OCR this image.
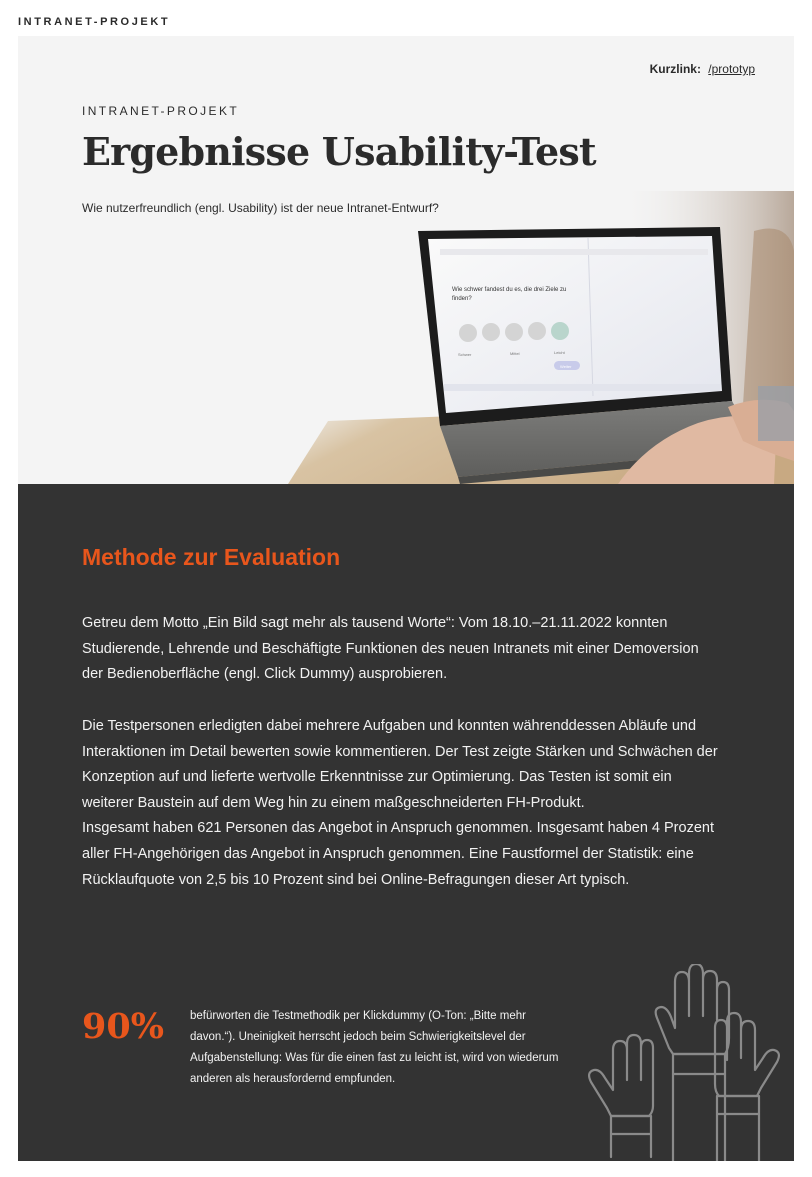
INTRANET-PROJEKT
Kurzlink: /prototyp
INTRANET-PROJEKT
Ergebnisse Usability-Test

Wie nutzerfreundlich (engl. Usability) ist der neue Intranet-Entwurf?

Wie schwer fandest du es, die drei Ziele zu
finden?
Schwer	Mittel	Leicht
Weiter
Methode zur Evaluation

Getreu dem Motto „Ein Bild sagt mehr als tausend Worte“: Vom 18.10.–21.11.2022 konnten Studierende, Lehrende und Beschäftigte Funktionen des neuen Intranets mit einer Demoversion der Bedienoberfläche (engl. Click Dummy) ausprobieren.

Die Testpersonen erledigten dabei mehrere Aufgaben und konnten währenddessen Abläufe und Interaktionen im Detail bewerten sowie kommentieren. Der Test zeigte Stärken und Schwächen der Konzeption auf und lieferte wertvolle Erkenntnisse zur Optimierung. Das Testen ist somit ein weiterer Baustein auf dem Weg hin zu einem maßgeschneiderten FH-Produkt.

Insgesamt haben 621 Personen das Angebot in Anspruch genommen. Insgesamt haben 4 Prozent aller FH-Angehörigen das Angebot in Anspruch genommen. Eine Faustformel der Statistik: eine Rücklaufquote von 2,5 bis 10 Prozent sind bei Online-Befragungen dieser Art typisch.

90% befürworten die Testmethodik per Klickdummy (O-Ton: „Bitte mehr davon.“). Uneinigkeit herrscht jedoch beim Schwierigkeitslevel der Aufgabenstellung: Was für die einen fast zu leicht ist, wird von wiederum anderen als herausfordernd empfunden.
